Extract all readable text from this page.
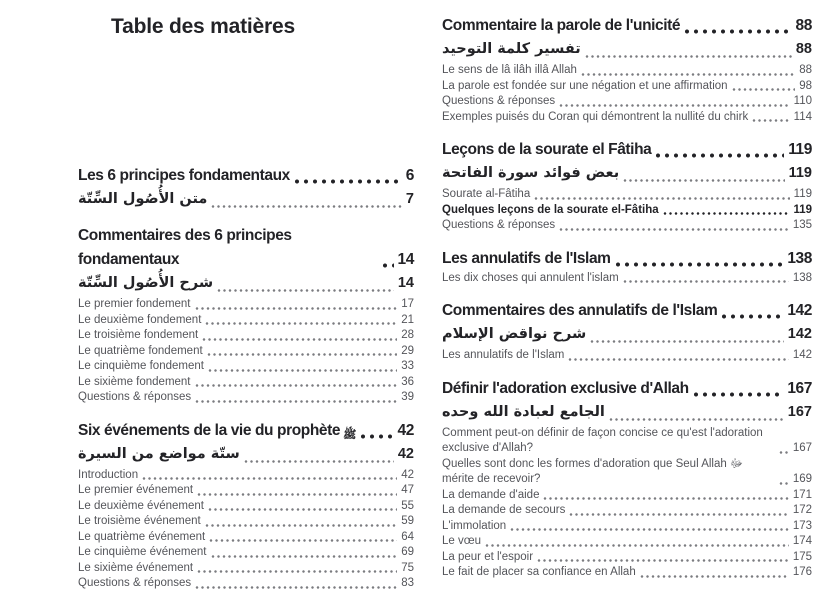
Table des matières
Les 6 principes fondamentaux	6
متن الأُصُول السِّتّة	7
Commentaires des 6 principes fondamentaux	14
شرح الأُصُول السِّتّة	14
Le premier fondement	17
Le deuxième fondement	21
Le troisième fondement	28
Le quatrième fondement	29
Le cinquième fondement	33
Le sixième fondement	36
Questions & réponses	39
Six événements de la vie du prophète ﷺ	42
ستّة مواضع من السيرة	42
Introduction	42
Le premier événement	47
Le deuxième événement	55
Le troisième événement	59
Le quatrième événement	64
Le cinquième événement	69
Le sixième événement	75
Questions & réponses	83
Commentaire la parole de l'unicité	88
تفسير كلمة التوحيد	88
Le sens de lâ ilâh illâ Allah	88
La parole est fondée sur une négation et une affirmation	98
Questions & réponses	110
Exemples puisés du Coran qui démontrent la nullité du chirk	114
Leçons de la sourate el Fâtiha	119
بعض فوائد سورة الفاتحة	119
Sourate al-Fâtiha	119
Quelques leçons de la sourate el-Fâtiha	119
Questions & réponses	135
Les annulatifs de l'Islam	138
Les dix choses qui annulent l'islam	138
Commentaires des annulatifs de l'Islam	142
شرح نواقض الإسلام	142
Les annulatifs de l'Islam	142
Définir l'adoration exclusive d'Allah	167
الجامع لعبادة الله وحده	167
Comment peut-on définir de façon concise ce qu'est l'adoration exclusive d'Allah?	167
Quelles sont donc les formes d'adoration que Seul Allah ﷻ mérite de recevoir?	169
La demande d'aide	171
La demande de secours	172
L'immolation	173
Le vœu	174
La peur et l'espoir	175
Le fait de placer sa confiance en Allah	176
